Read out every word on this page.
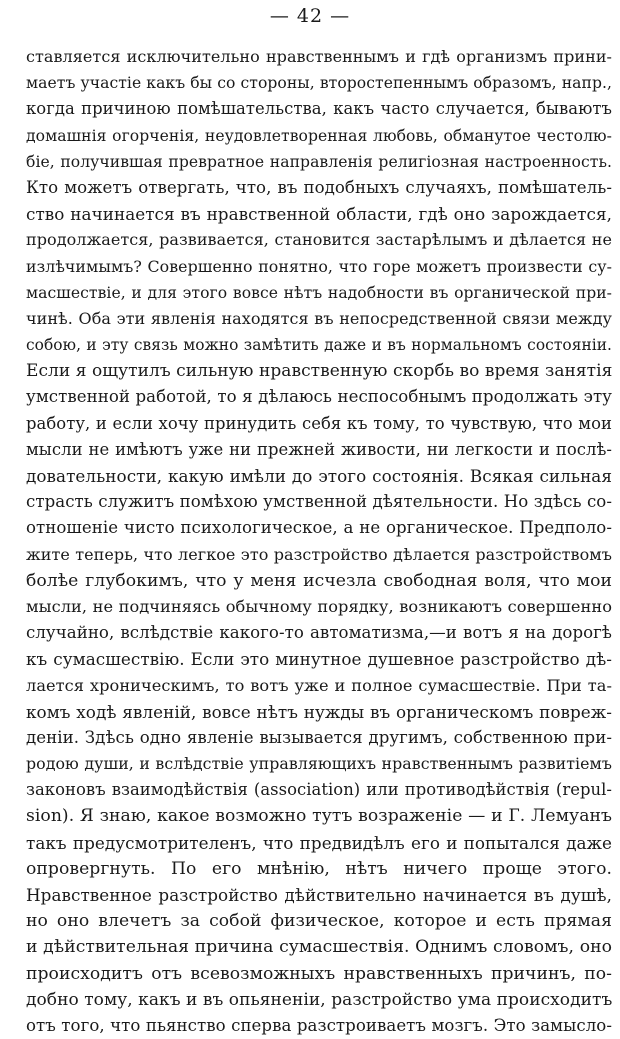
— 42 —
ставляется исключительно нравственнымъ и гдѣ организмъ прини-
маетъ участіе какъ бы со стороны, второстепеннымъ образомъ, напр.,
когда причиною помѣшательства, какъ часто случается, бываютъ
домашнія огорченія, неудовлетворенная любовь, обманутое честолю-
біе, получившая превратное направленія религіозная настроенность.
Кто можетъ отвергать, что, въ подобныхъ случаяхъ, помѣшатель-
ство начинается въ нравственной области, гдѣ оно зарождается,
продолжается, развивается, становится застарѣлымъ и дѣлается не
излѣчимымъ? Совершенно понятно, что горе можетъ произвести су-
масшествіе, и для этого вовсе нѣтъ надобности въ органической при-
чинѣ. Оба эти явленія находятся въ непосредственной связи между
собою, и эту связь можно замѣтить даже и въ нормальномъ состояніи.
Если я ощутилъ сильную нравственную скорбь во время занятія
умственной работой, то я дѣлаюсь неспособнымъ продолжать эту
работу, и если хочу принудить себя къ тому, то чувствую, что мои
мысли не имѣютъ уже ни прежней живости, ни легкости и послѣ-
довательности, какую имѣли до этого состоянія. Всякая сильная
страсть служитъ помѣхою умственной дѣятельности. Но здѣсь со-
отношеніе чисто психологическое, а не органическое. Предполо-
жите теперь, что легкое это разстройство дѣлается разстройствомъ
болѣе глубокимъ, что у меня исчезла свободная воля, что мои
мысли, не подчиняясь обычному порядку, возникаютъ совершенно
случайно, вслѣдствіе какого-то автоматизма,—и вотъ я на дорогѣ
къ сумасшествію. Если это минутное душевное разстройство дѣ-
лается хроническимъ, то вотъ уже и полное сумасшествіе. При та-
комъ ходѣ явленій, вовсе нѣтъ нужды въ органическомъ повреж-
деніи. Здѣсь одно явленіе вызывается другимъ, собственною при-
родою души, и вслѣдствіе управляющихъ нравственнымъ развитіемъ
законовъ взаимодѣйствія (association) или противодѣйствія (repul-
sion). Я знаю, какое возможно тутъ возраженіе — и Г. Лемуанъ
такъ предусмотрителенъ, что предвидѣлъ его и попытался даже
опровергнуть. По его мнѣнію, нѣтъ ничего проще этого.
Нравственное разстройство дѣйствительно начинается въ душѣ,
но оно влечетъ за собой физическое, которое и есть прямая
и дѣйствительная причина сумасшествія. Однимъ словомъ, оно
происходитъ отъ всевозможныхъ нравственныхъ причинъ, по-
добно тому, какъ и въ опьяненіи, разстройство ума происходитъ
отъ того, что пьянство сперва разстроиваетъ мозгъ. Это замысло-
